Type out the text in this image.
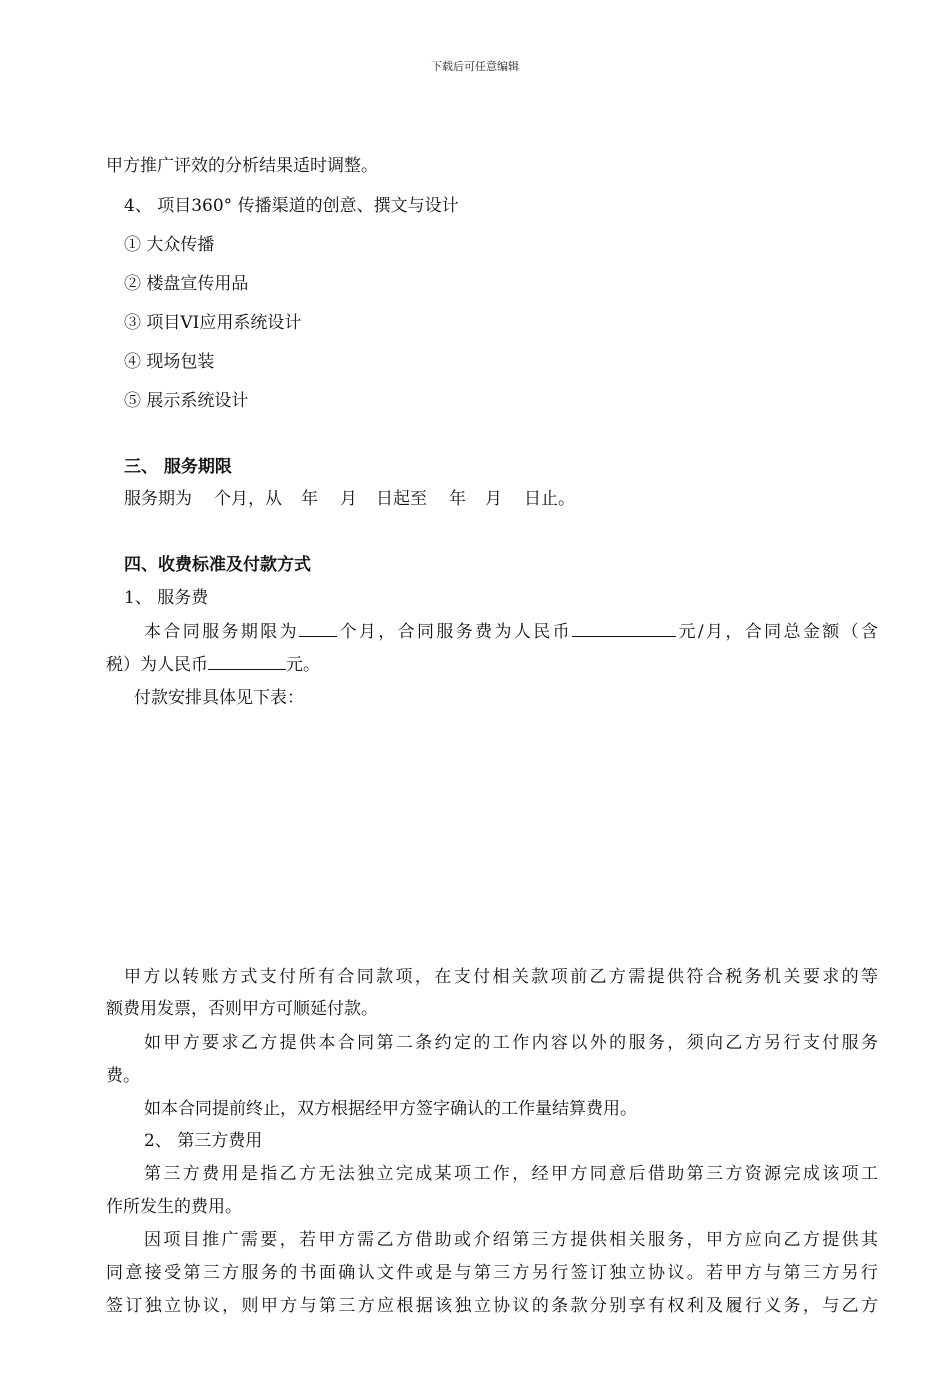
下载后可任意编辑
甲方推广评效的分析结果适时调整。
4、 项目360° 传播渠道的创意、撰文与设计
① 大众传播
② 楼盘宣传用品
③ 项目VI应用系统设计
④ 现场包装
⑤ 展示系统设计
三、 服务期限
服务期为 个月，从 年 月 日起至 年 月 日止。
四、收费标准及付款方式
1、 服务费
本合同服务期限为 个月，合同服务费为人民币	元/月，合同总金额（含
税）为人民币	元。
付款安排具体见下表：
甲方以转账方式支付所有合同款项，在支付相关款项前乙方需提供符合税务机关要求的等
额费用发票，否则甲方可顺延付款。
如甲方要求乙方提供本合同第二条约定的工作内容以外的服务，须向乙方另行支付服务
费。
如本合同提前终止，双方根据经甲方签字确认的工作量结算费用。
2、 第三方费用
第三方费用是指乙方无法独立完成某项工作，经甲方同意后借助第三方资源完成该项工
作所发生的费用。
因项目推广需要，若甲方需乙方借助或介绍第三方提供相关服务，甲方应向乙方提供其
同意接受第三方服务的书面确认文件或是与第三方另行签订独立协议。若甲方与第三方另行
签订独立协议，则甲方与第三方应根据该独立协议的条款分别享有权利及履行义务，与乙方
